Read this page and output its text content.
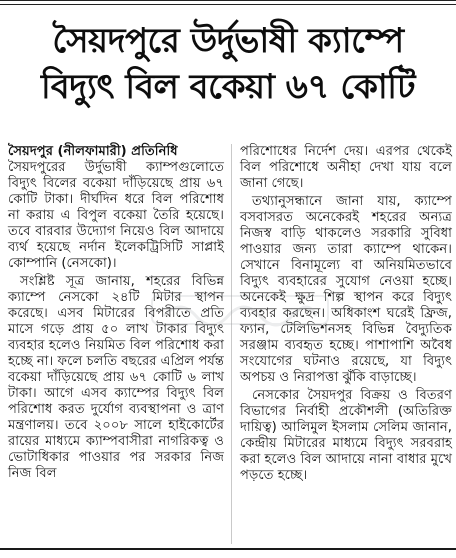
সৈয়দপুরে উর্দুভাষী ক্যাম্পে
বিদ্যুৎ বিল বকেয়া ৬৭ কোটি

সৈয়দপুর (নীলফামারী) প্রতিনিধি
সৈয়দপুরের উর্দুভাষী ক্যাম্পগুলোতে বিদ্যুৎ বিলের বকেয়া দাঁড়িয়েছে প্রায় ৬৭ কোটি টাকা। দীর্ঘদিন ধরে বিল পরিশোধ না করায় এ বিপুল বকেয়া তৈরি হয়েছে। তবে বারবার উদ্যোগ নিয়েও বিল আদায়ে ব্যর্থ হয়েছে নর্দান ইলেকট্রিসিটি সাপ্লাই কোম্পানি (নেসকো)।

সংশ্লিষ্ট সূত্র জানায়, শহরের বিভিন্ন ক্যাম্পে নেসকো ২৪টি মিটার স্থাপন করেছে। এসব মিটারের বিপরীতে প্রতি মাসে গড়ে প্রায় ৫০ লাখ টাকার বিদ্যুৎ ব্যবহার হলেও নিয়মিত বিল পরিশোধ করা হচ্ছে না। ফলে চলতি বছরের এপ্রিল পর্যন্ত বকেয়া দাঁড়িয়েছে প্রায় ৬৭ কোটি ৬ লাখ টাকা। আগে এসব ক্যাম্পের বিদ্যুৎ বিল পরিশোধ করত দুর্যোগ ব্যবস্থাপনা ও ত্রাণ মন্ত্রণালয়। তবে ২০০৮ সালে হাইকোর্টের রায়ের মাধ্যমে ক্যাম্পবাসীরা নাগরিকত্ব ও ভোটাধিকার পাওয়ার পর সরকার নিজ নিজ বিল

পরিশোধের নির্দেশ দেয়। এরপর থেকেই বিল পরিশোধে অনীহা দেখা যায় বলে জানা গেছে।

তথ্যানুসন্ধানে জানা যায়, ক্যাম্পে বসবাসরত অনেকেরই শহরের অন্যত্র নিজস্ব বাড়ি থাকলেও সরকারি সুবিধা পাওয়ার জন্য তারা ক্যাম্পে থাকেন। সেখানে বিনামূল্যে বা অনিয়মিতভাবে বিদ্যুৎ ব্যবহারের সুযোগ নেওয়া হচ্ছে। অনেকেই ক্ষুদ্র শিল্প স্থাপন করে বিদ্যুৎ ব্যবহার করছেন। অধিকাংশ ঘরেই ফ্রিজ, ফ্যান, টেলিভিশনসহ বিভিন্ন বৈদ্যুতিক সরঞ্জাম ব্যবহৃত হচ্ছে। পাশাপাশি অবৈধ সংযোগের ঘটনাও রয়েছে, যা বিদ্যুৎ অপচয় ও নিরাপত্তা ঝুঁকি বাড়াচ্ছে।

নেসকোর সৈয়দপুর বিক্রয় ও বিতরণ বিভাগের নির্বাহী প্রকৌশলী (অতিরিক্ত দায়িত্ব) আলিমুল ইসলাম সেলিম জানান, কেন্দ্রীয় মিটারের মাধ্যমে বিদ্যুৎ সরবরাহ করা হলেও বিল আদায়ে নানা বাধার মুখে পড়তে হচ্ছে।
